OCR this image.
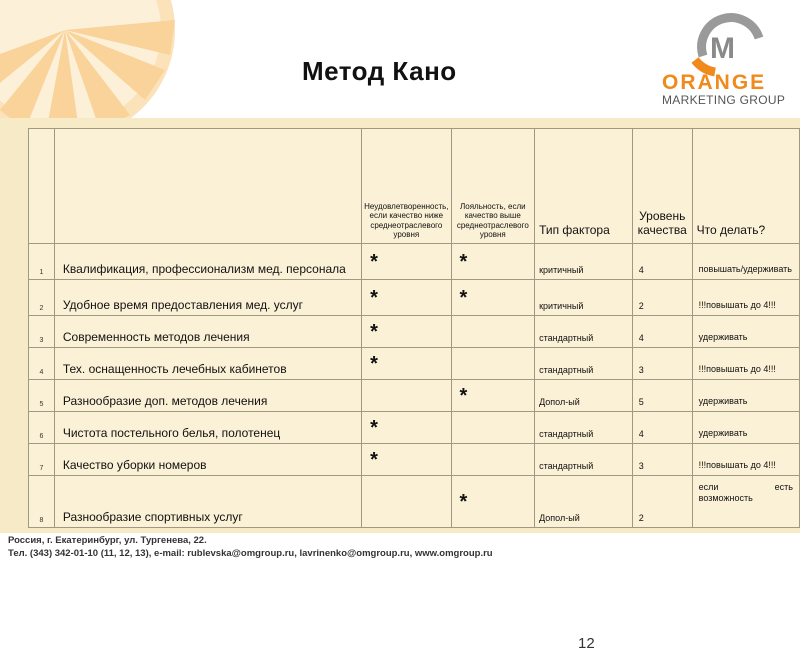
Метод Кано
M
ORANGE
MARKETING GROUP
		Неудовлетворенность, если качество ниже среднеотраслевого уровня	Лояльность, если качество выше среднеотраслевого уровня	Тип фактора	Уровень качества	Что делать?
1	Квалификация, профессионализм мед. персонала	*	*	критичный	4	повышать/удерживать
2	Удобное время предоставления мед. услуг	*	*	критичный	2	!!!повышать до 4!!!
3	Современность методов лечения	*		стандартный	4	удерживать
4	Тех. оснащенность лечебных кабинетов	*		стандартный	3	!!!повышать до 4!!!
5	Разнообразие доп. методов лечения		*	Допол-ый	5	удерживать
6	Чистота постельного белья, полотенец	*		стандартный	4	удерживать
7	Качество уборки номеров	*		стандартный	3	!!!повышать до 4!!!
8	Разнообразие спортивных услуг		*	Допол-ый	2	если есть возможность
12
Россия, г. Екатеринбург, ул. Тургенева, 22.
Тел. (343) 342-01-10 (11, 12, 13), e-mail: rublevska@omgroup.ru, lavrinenko@omgroup.ru, www.omgroup.ru
